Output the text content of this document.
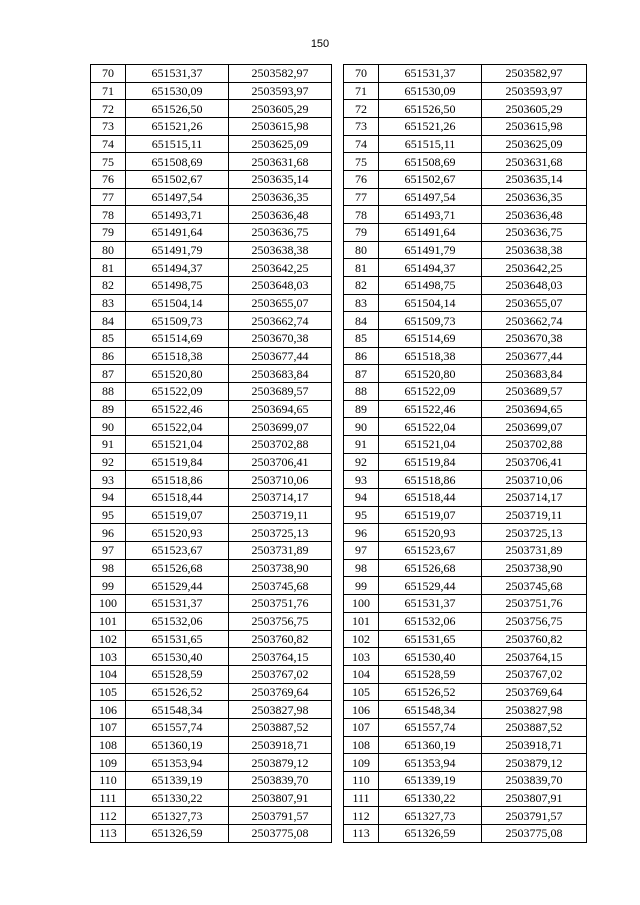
150
70	651531,37	2503582,97
71	651530,09	2503593,97
72	651526,50	2503605,29
73	651521,26	2503615,98
74	651515,11	2503625,09
75	651508,69	2503631,68
76	651502,67	2503635,14
77	651497,54	2503636,35
78	651493,71	2503636,48
79	651491,64	2503636,75
80	651491,79	2503638,38
81	651494,37	2503642,25
82	651498,75	2503648,03
83	651504,14	2503655,07
84	651509,73	2503662,74
85	651514,69	2503670,38
86	651518,38	2503677,44
87	651520,80	2503683,84
88	651522,09	2503689,57
89	651522,46	2503694,65
90	651522,04	2503699,07
91	651521,04	2503702,88
92	651519,84	2503706,41
93	651518,86	2503710,06
94	651518,44	2503714,17
95	651519,07	2503719,11
96	651520,93	2503725,13
97	651523,67	2503731,89
98	651526,68	2503738,90
99	651529,44	2503745,68
100	651531,37	2503751,76
101	651532,06	2503756,75
102	651531,65	2503760,82
103	651530,40	2503764,15
104	651528,59	2503767,02
105	651526,52	2503769,64
106	651548,34	2503827,98
107	651557,74	2503887,52
108	651360,19	2503918,71
109	651353,94	2503879,12
110	651339,19	2503839,70
111	651330,22	2503807,91
112	651327,73	2503791,57
113	651326,59	2503775,08
70	651531,37	2503582,97
71	651530,09	2503593,97
72	651526,50	2503605,29
73	651521,26	2503615,98
74	651515,11	2503625,09
75	651508,69	2503631,68
76	651502,67	2503635,14
77	651497,54	2503636,35
78	651493,71	2503636,48
79	651491,64	2503636,75
80	651491,79	2503638,38
81	651494,37	2503642,25
82	651498,75	2503648,03
83	651504,14	2503655,07
84	651509,73	2503662,74
85	651514,69	2503670,38
86	651518,38	2503677,44
87	651520,80	2503683,84
88	651522,09	2503689,57
89	651522,46	2503694,65
90	651522,04	2503699,07
91	651521,04	2503702,88
92	651519,84	2503706,41
93	651518,86	2503710,06
94	651518,44	2503714,17
95	651519,07	2503719,11
96	651520,93	2503725,13
97	651523,67	2503731,89
98	651526,68	2503738,90
99	651529,44	2503745,68
100	651531,37	2503751,76
101	651532,06	2503756,75
102	651531,65	2503760,82
103	651530,40	2503764,15
104	651528,59	2503767,02
105	651526,52	2503769,64
106	651548,34	2503827,98
107	651557,74	2503887,52
108	651360,19	2503918,71
109	651353,94	2503879,12
110	651339,19	2503839,70
111	651330,22	2503807,91
112	651327,73	2503791,57
113	651326,59	2503775,08
